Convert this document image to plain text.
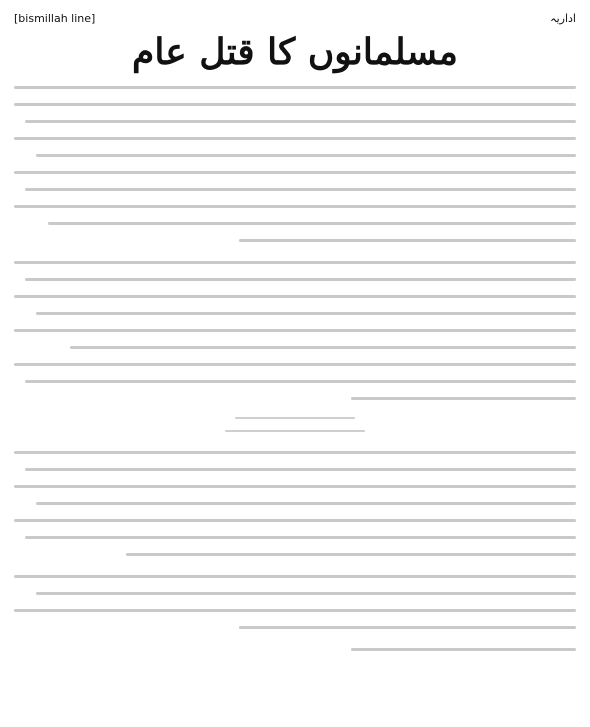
اداریہ
[bismillah line]
مسلمانوں کا قتل عام
